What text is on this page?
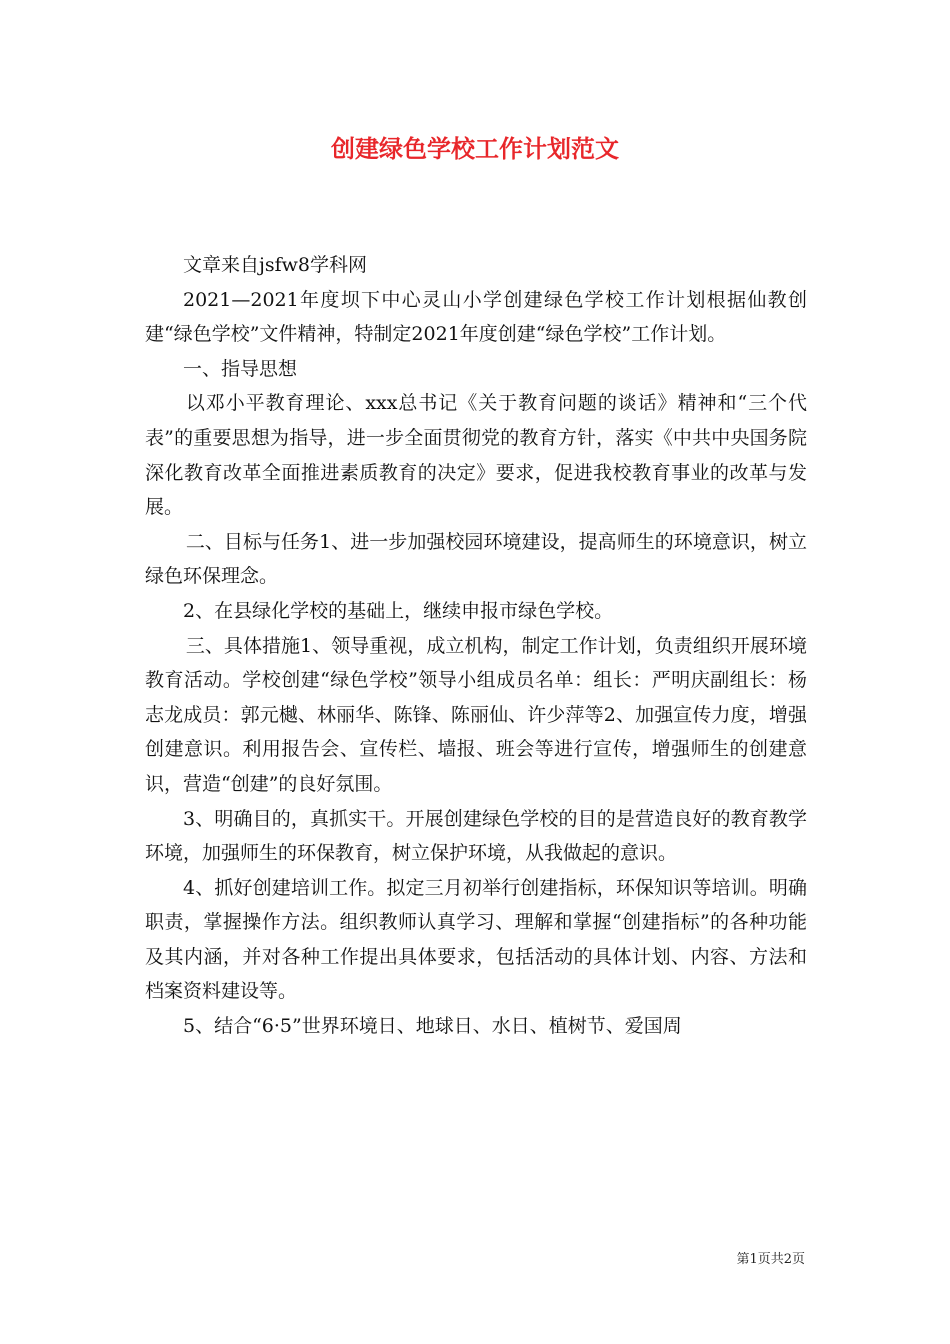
创建绿色学校工作计划范文

文章来自jsfw8学科网

2021—2021年度坝下中心灵山小学创建绿色学校工作计划根据仙教创建“绿色学校”文件精神，特制定2021年度创建“绿色学校”工作计划。

一、指导思想

以邓小平教育理论、xxx总书记《关于教育问题的谈话》精神和“三个代表”的重要思想为指导，进一步全面贯彻党的教育方针，落实《中共中央国务院深化教育改革全面推进素质教育的决定》要求，促进我校教育事业的改革与发展。

二、目标与任务1、进一步加强校园环境建设，提高师生的环境意识，树立绿色环保理念。

2、在县绿化学校的基础上，继续申报市绿色学校。

三、具体措施1、领导重视，成立机构，制定工作计划，负责组织开展环境教育活动。学校创建“绿色学校”领导小组成员名单：组长：严明庆副组长：杨志龙成员：郭元樾、林丽华、陈锋、陈丽仙、许少萍等2、加强宣传力度，增强创建意识。利用报告会、宣传栏、墙报、班会等进行宣传，增强师生的创建意识，营造“创建”的良好氛围。

3、明确目的，真抓实干。开展创建绿色学校的目的是营造良好的教育教学环境，加强师生的环保教育，树立保护环境，从我做起的意识。

4、抓好创建培训工作。拟定三月初举行创建指标，环保知识等培训。明确职责，掌握操作方法。组织教师认真学习、理解和掌握“创建指标”的各种功能及其内涵，并对各种工作提出具体要求，包括活动的具体计划、内容、方法和档案资料建设等。

5、结合“6·5”世界环境日、地球日、水日、植树节、爱国周

第1页共2页
